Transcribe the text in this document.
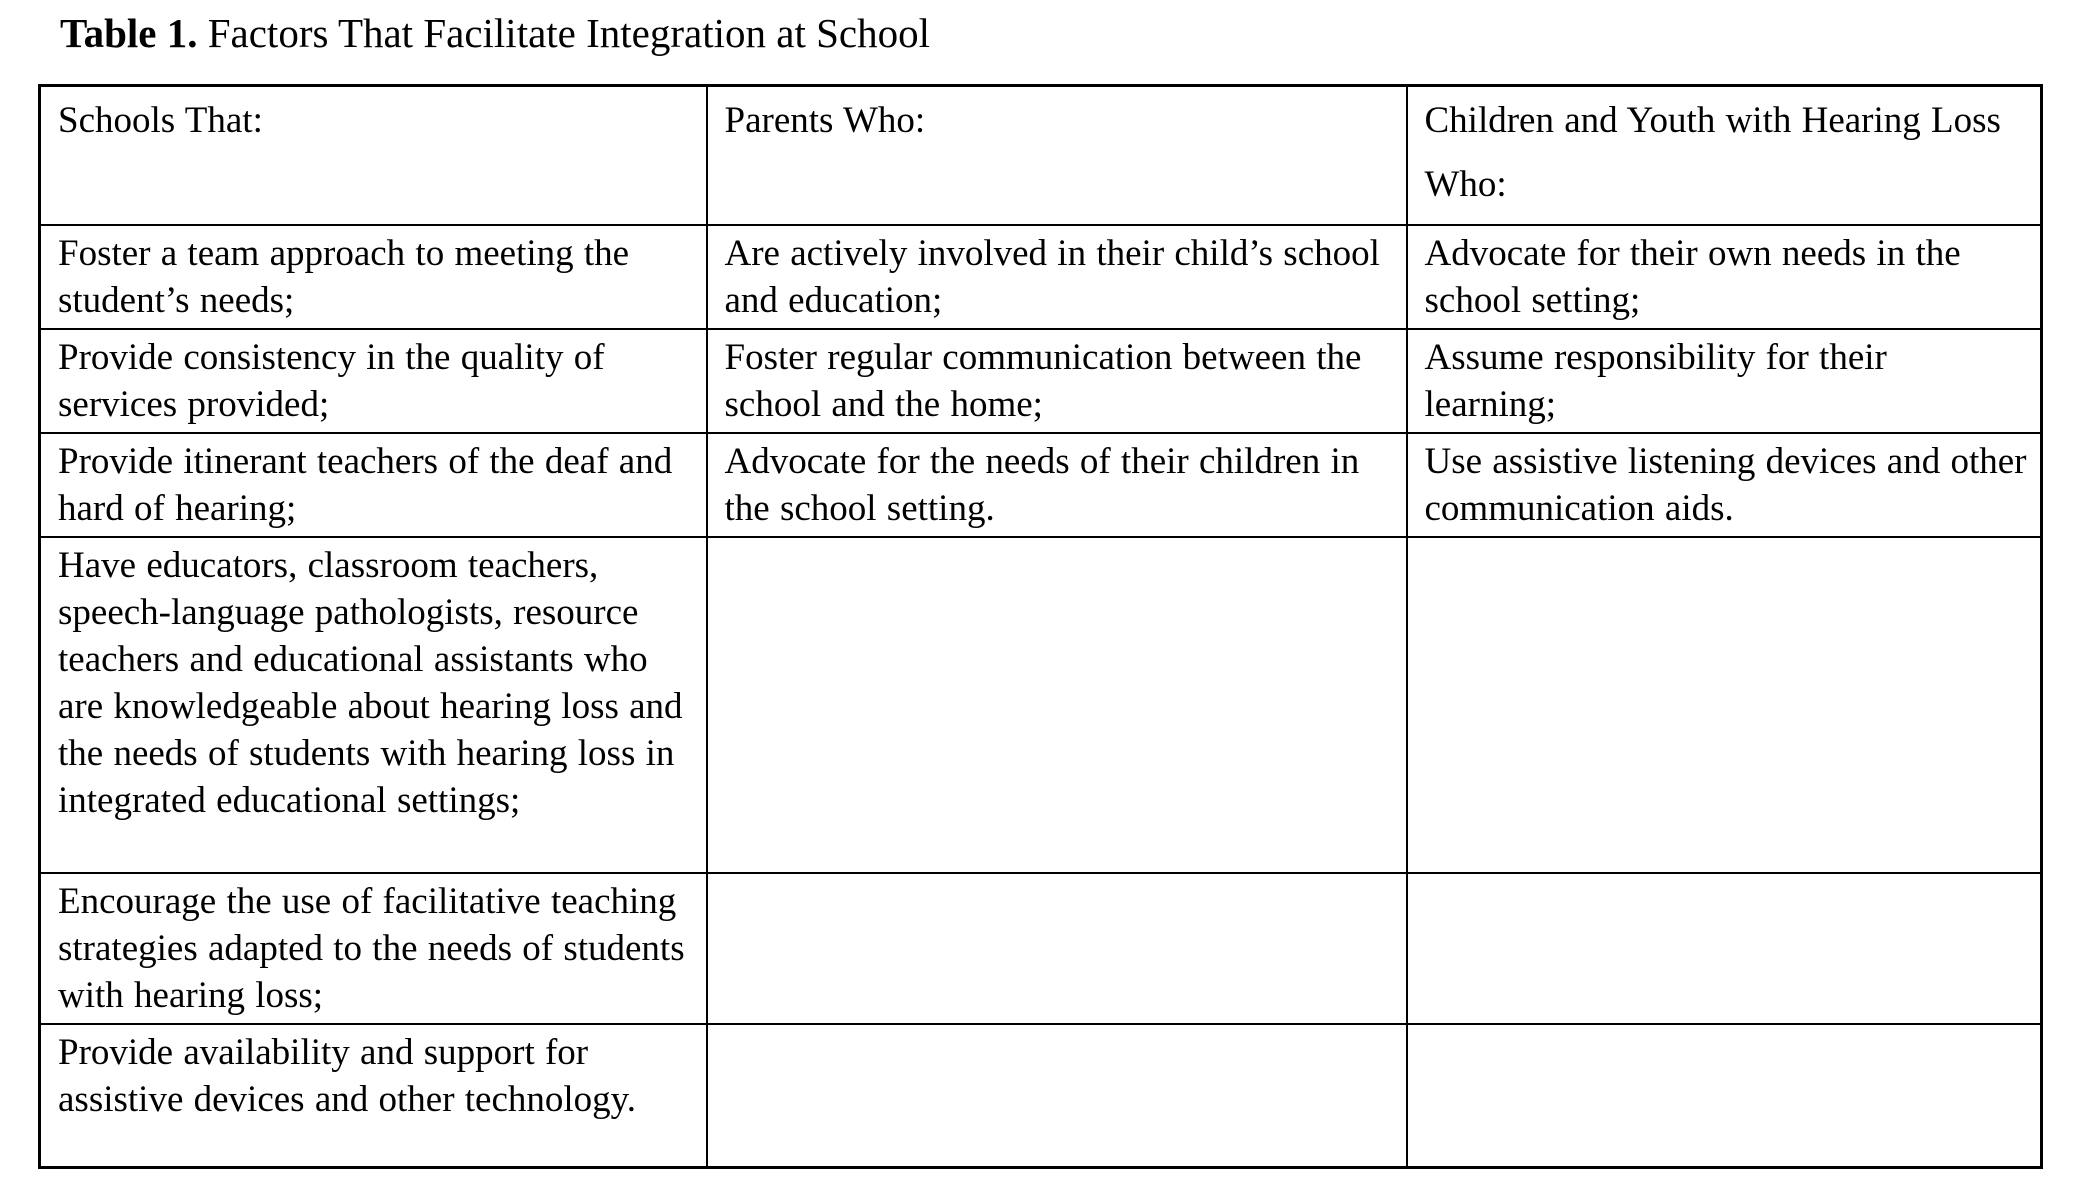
Table 1. Factors That Facilitate Integration at School
Schools That:	Parents Who:	Children and Youth with Hearing Loss Who:
Foster a team approach to meeting the student’s needs;	Are actively involved in their child’s school and education;	Advocate for their own needs in the school setting;
Provide consistency in the quality of services provided;	Foster regular communication between the school and the home;	Assume responsibility for their learning;
Provide itinerant teachers of the deaf and hard of hearing;	Advocate for the needs of their children in the school setting.	Use assistive listening devices and other communication aids.
Have educators, classroom teachers, speech-language pathologists, resource teachers and educational assistants who are knowledgeable about hearing loss and the needs of students with hearing loss in integrated educational settings;		
Encourage the use of facilitative teaching strategies adapted to the needs of students with hearing loss;		
Provide availability and support for assistive devices and other technology.		
